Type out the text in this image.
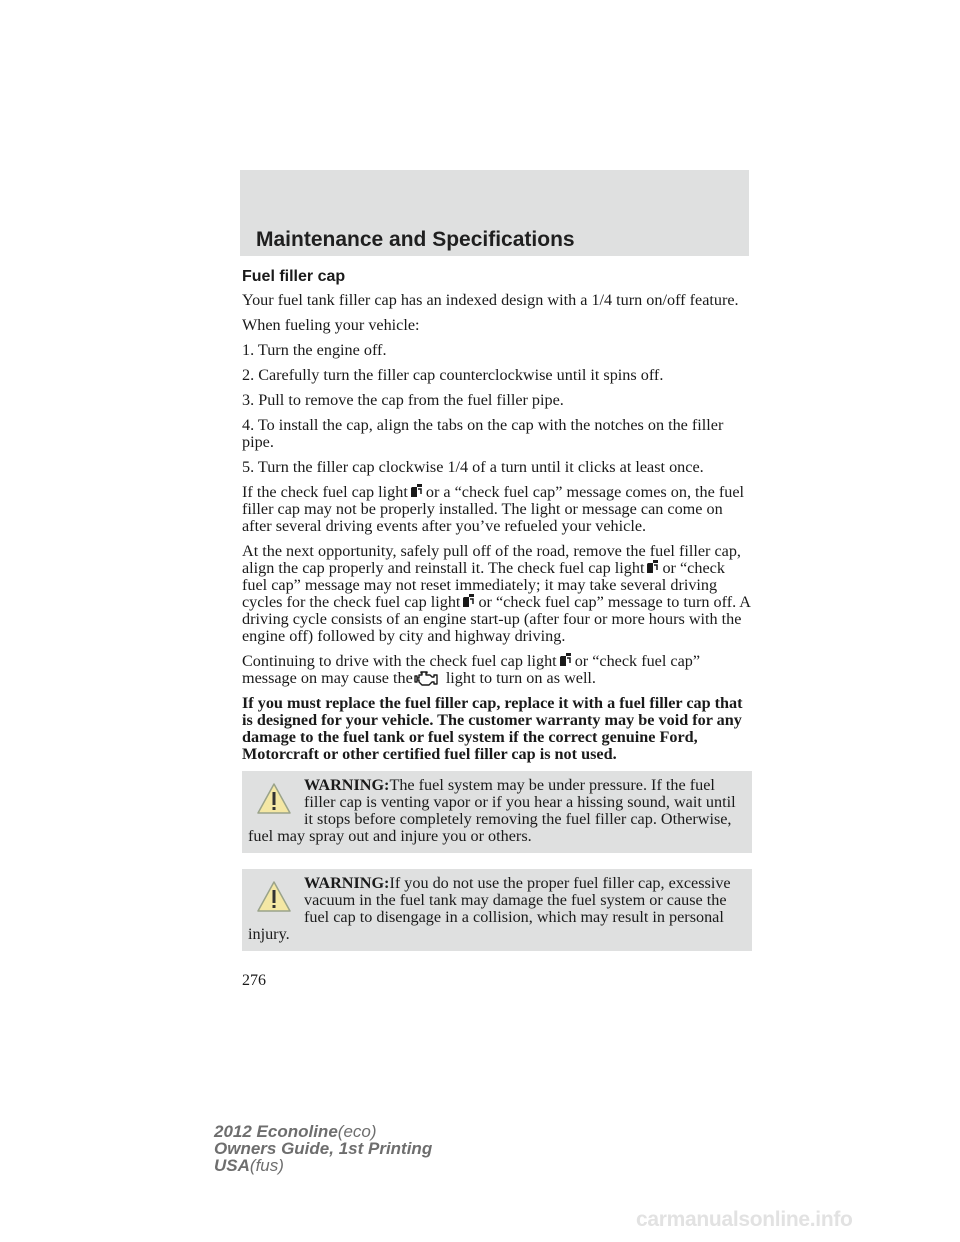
Maintenance and Specifications

Fuel filler cap

Your fuel tank filler cap has an indexed design with a 1/4 turn on/off feature.

When fueling your vehicle:

1. Turn the engine off.

2. Carefully turn the filler cap counterclockwise until it spins off.

3. Pull to remove the cap from the fuel filler pipe.

4. To install the cap, align the tabs on the cap with the notches on the filler pipe.

5. Turn the filler cap clockwise 1/4 of a turn until it clicks at least once.

If the check fuel cap light or a “check fuel cap” message comes on, the fuel filler cap may not be properly installed. The light or message can come on after several driving events after you’ve refueled your vehicle.

At the next opportunity, safely pull off of the road, remove the fuel filler cap, align the cap properly and reinstall it. The check fuel cap light or “check fuel cap” message may not reset immediately; it may take several driving cycles for the check fuel cap light or “check fuel cap” message to turn off. A driving cycle consists of an engine start-up (after four or more hours with the engine off) followed by city and highway driving.

Continuing to drive with the check fuel cap light or “check fuel cap” message on may cause the light to turn on as well.

If you must replace the fuel filler cap, replace it with a fuel filler cap that is designed for your vehicle. The customer warranty may be void for any damage to the fuel tank or fuel system if the correct genuine Ford, Motorcraft or other certified fuel filler cap is not used.

WARNING:The fuel system may be under pressure. If the fuel filler cap is venting vapor or if you hear a hissing sound, wait until it stops before completely removing the fuel filler cap. Otherwise, fuel may spray out and injure you or others.

WARNING:If you do not use the proper fuel filler cap, excessive vacuum in the fuel tank may damage the fuel system or cause the fuel cap to disengage in a collision, which may result in personal injury.

276
2012 Econoline(eco)
Owners Guide, 1st Printing
USA(fus)
carmanualsonline.info
